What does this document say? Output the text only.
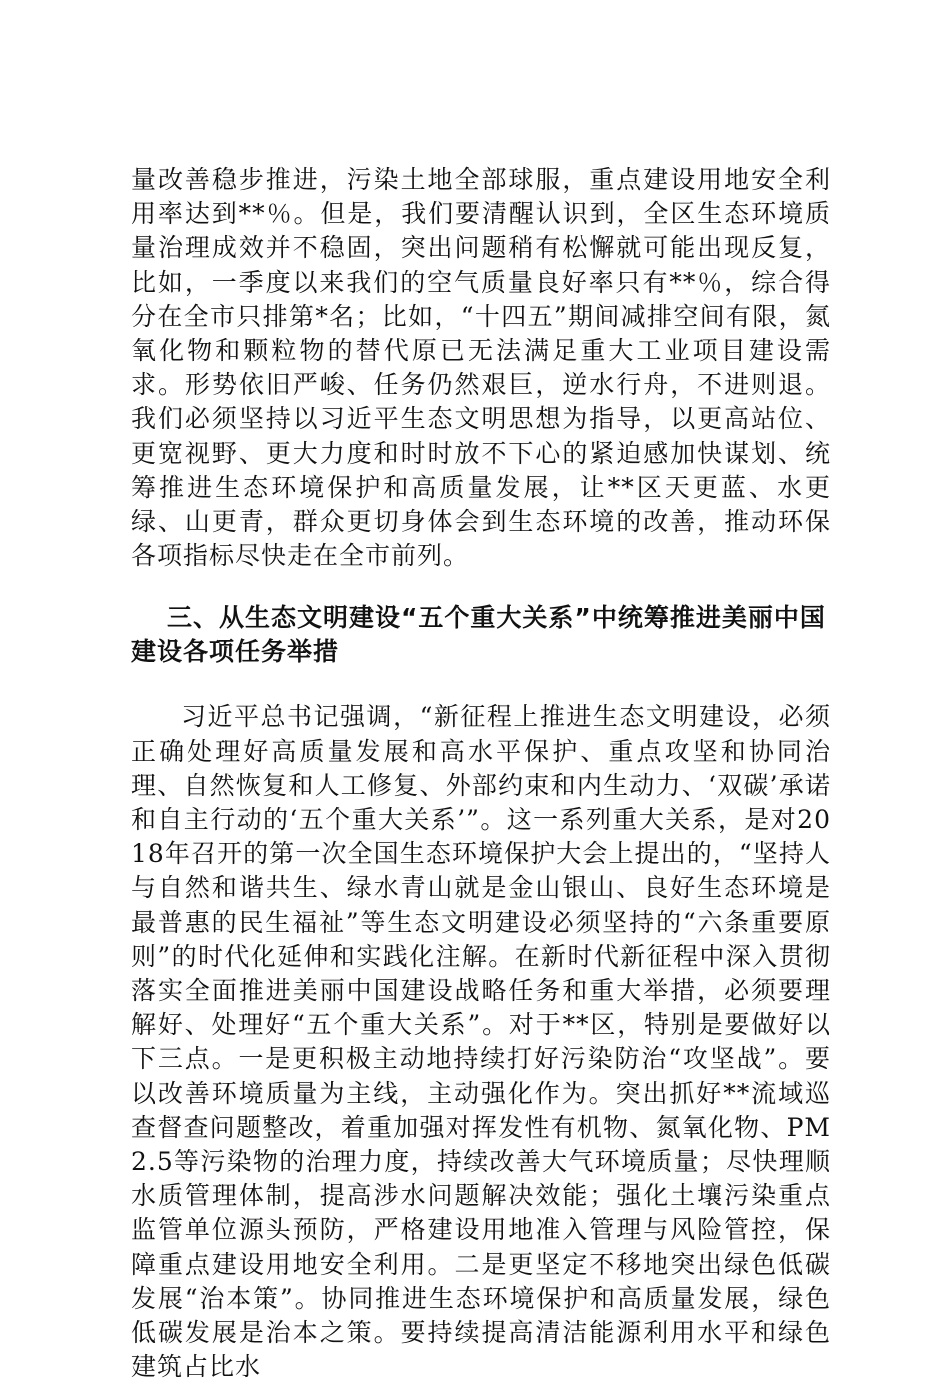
量改善稳步推进，污染土地全部球服，重点建设用地安全利用率达到**％。但是，我们要清醒认识到，全区生态环境质量治理成效并不稳固，突出问题稍有松懈就可能出现反复，比如，一季度以来我们的空气质量良好率只有**％，综合得分在全市只排第*名；比如，“十四五”期间减排空间有限，氮氧化物和颗粒物的替代原已无法满足重大工业项目建设需求。形势依旧严峻、任务仍然艰巨，逆水行舟，不进则退。我们必须坚持以习近平生态文明思想为指导，以更高站位、更宽视野、更大力度和时时放不下心的紧迫感加快谋划、统筹推进生态环境保护和高质量发展，让**区天更蓝、水更绿、山更青，群众更切身体会到生态环境的改善，推动环保各项指标尽快走在全市前列。

三、从生态文明建设“五个重大关系”中统筹推进美丽中国建设各项任务举措

习近平总书记强调，“新征程上推进生态文明建设，必须正确处理好高质量发展和高水平保护、重点攻坚和协同治理、自然恢复和人工修复、外部约束和内生动力、‘双碳’承诺和自主行动的‘五个重大关系’”。这一系列重大关系，是对2018年召开的第一次全国生态环境保护大会上提出的，“坚持人与自然和谐共生、绿水青山就是金山银山、良好生态环境是最普惠的民生福祉”等生态文明建设必须坚持的“六条重要原则”的时代化延伸和实践化注解。在新时代新征程中深入贯彻落实全面推进美丽中国建设战略任务和重大举措，必须要理解好、处理好“五个重大关系”。对于**区，特别是要做好以下三点。一是更积极主动地持续打好污染防治“攻坚战”。要以改善环境质量为主线，主动强化作为。突出抓好**流域巡查督查问题整改，着重加强对挥发性有机物、氮氧化物、PM2.5等污染物的治理力度，持续改善大气环境质量；尽快理顺水质管理体制，提高涉水问题解决效能；强化土壤污染重点监管单位源头预防，严格建设用地准入管理与风险管控，保障重点建设用地安全利用。二是更坚定不移地突出绿色低碳发展“治本策”。协同推进生态环境保护和高质量发展，绿色低碳发展是治本之策。要持续提高清洁能源利用水平和绿色建筑占比水
